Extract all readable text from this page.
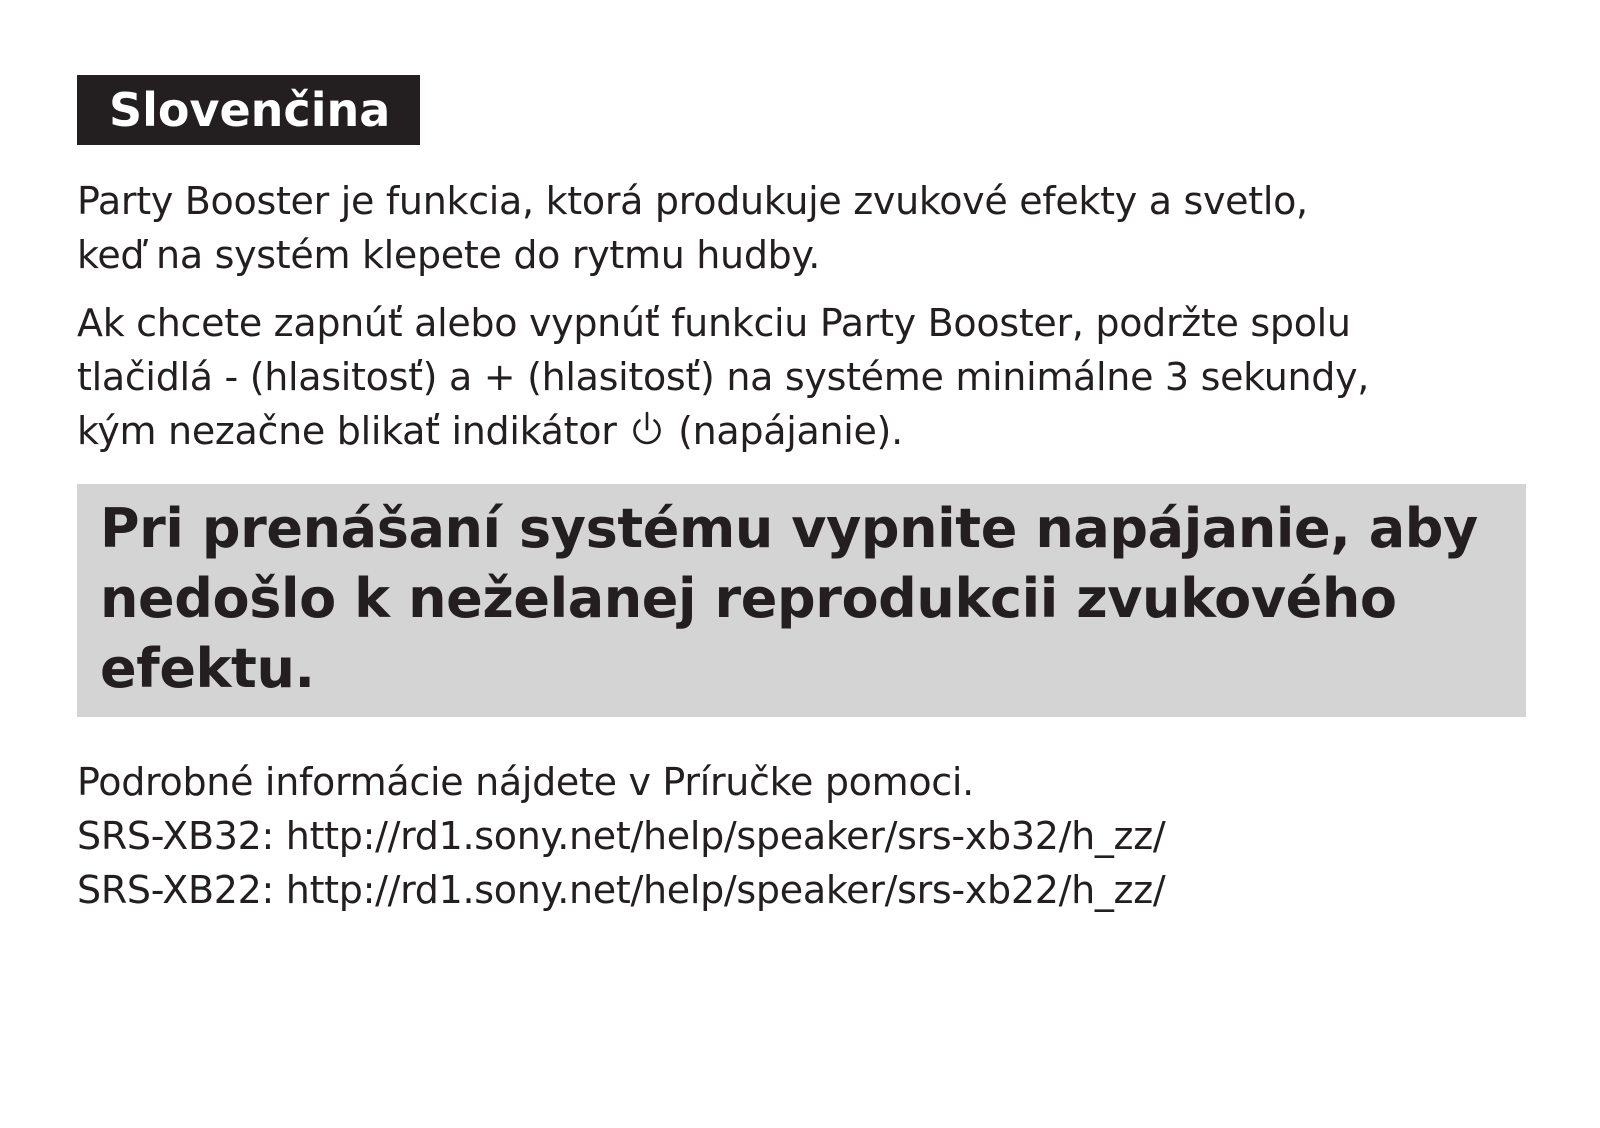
Slovenčina
Party Booster je funkcia, ktorá produkuje zvukové efekty a svetlo,
keď na systém klepete do rytmu hudby.
Ak chcete zapnúť alebo vypnúť funkciu Party Booster, podržte spolu
tlačidlá - (hlasitosť) a + (hlasitosť) na systéme minimálne 3 sekundy,
kým nezačne blikať indikátor (napájanie).
Pri prenášaní systému vypnite napájanie, aby
nedošlo k neželanej reprodukcii zvukového
efektu.
Podrobné informácie nájdete v Príručke pomoci.
SRS-XB32: http://rd1.sony.net/help/speaker/srs-xb32/h_zz/
SRS-XB22: http://rd1.sony.net/help/speaker/srs-xb22/h_zz/
